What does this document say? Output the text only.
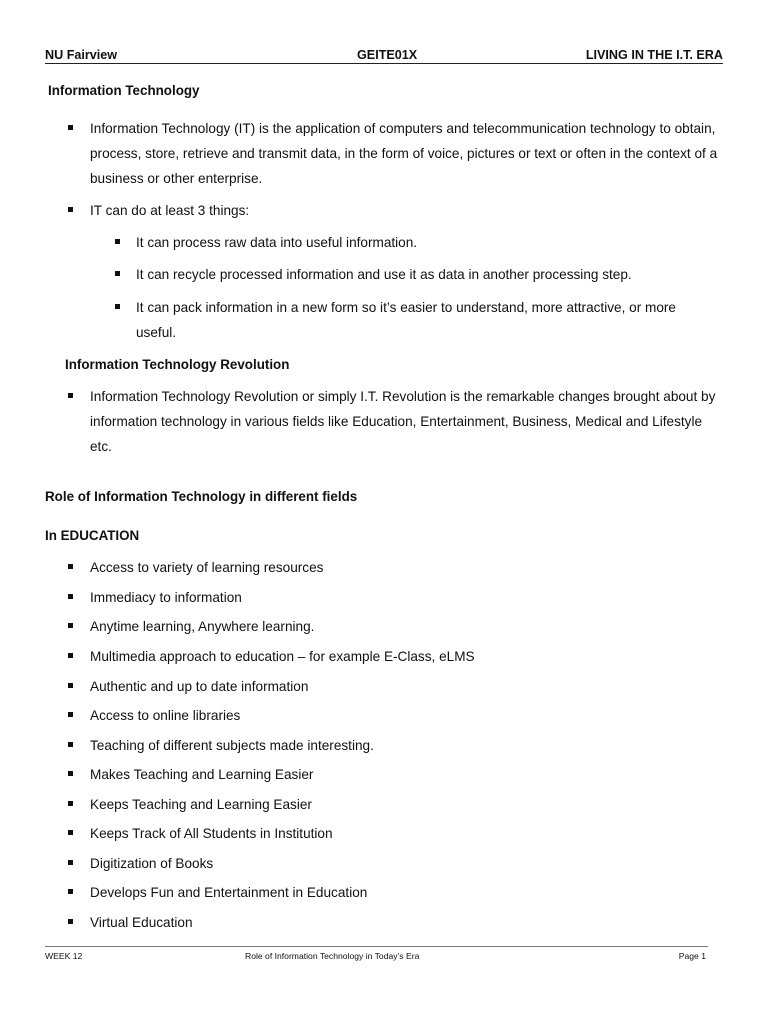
NU Fairview	GEITE01X	LIVING IN THE I.T. ERA
Information Technology
Information Technology (IT) is the application of computers and telecommunication technology to obtain, process, store, retrieve and transmit data, in the form of voice, pictures or text or often in the context of a business or other enterprise.
IT can do at least 3 things:
It can process raw data into useful information.
It can recycle processed information and use it as data in another processing step.
It can pack information in a new form so it’s easier to understand, more attractive, or more useful.
Information Technology Revolution
Information Technology Revolution or simply I.T. Revolution is the remarkable changes brought about by information technology in various fields like Education, Entertainment, Business, Medical and Lifestyle etc.
Role of Information Technology in different fields
In EDUCATION
Access to variety of learning resources
Immediacy to information
Anytime learning, Anywhere learning.
Multimedia approach to education – for example E-Class, eLMS
Authentic and up to date information
Access to online libraries
Teaching of different subjects made interesting.
Makes Teaching and Learning Easier
Keeps Teaching and Learning Easier
Keeps Track of All Students in Institution
Digitization of Books
Develops Fun and Entertainment in Education
Virtual Education
WEEK 12	Role of Information Technology in Today’s Era	Page 1
